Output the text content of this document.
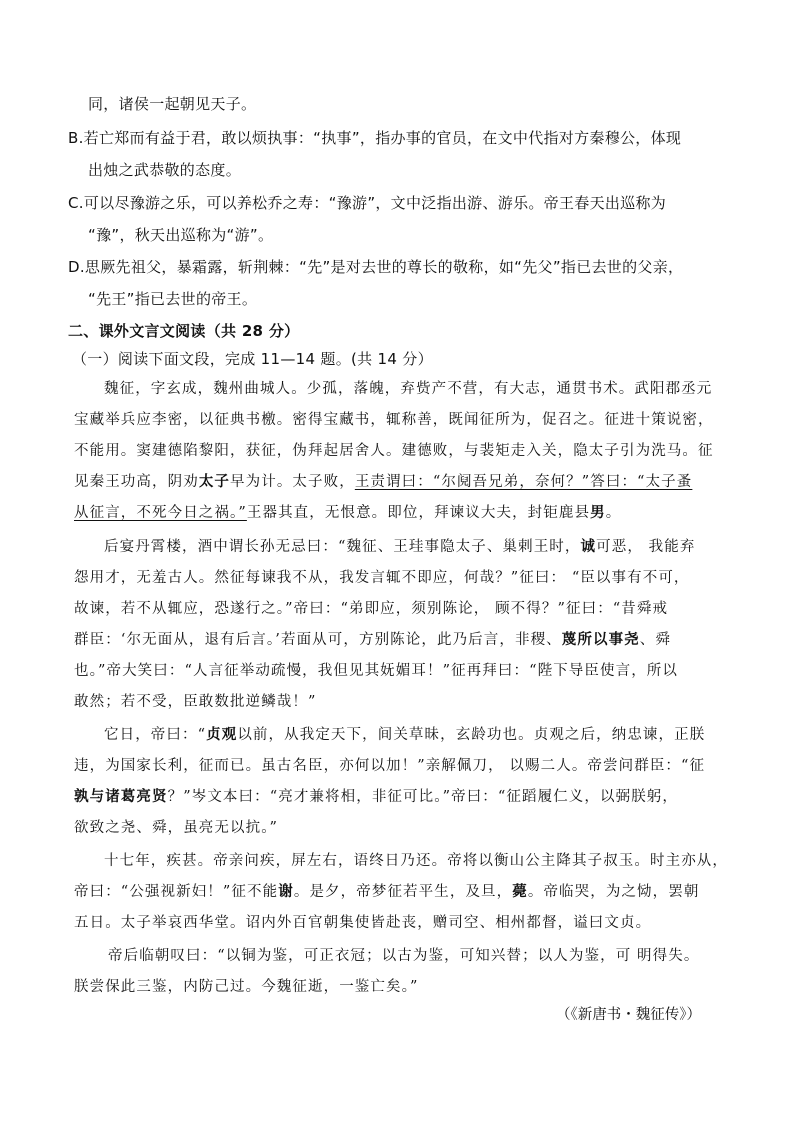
同，诸侯一起朝见天子。
B.若亡郑而有益于君，敢以烦执事：“执事”，指办事的官员，在文中代指对方秦穆公，体现
出烛之武恭敬的态度。
C.可以尽豫游之乐，可以养松乔之寿：“豫游”，文中泛指出游、游乐。帝王春天出巡称为
“豫”，秋天出巡称为“游”。
D.思厥先祖父，暴霜露，斩荆棘：“先”是对去世的尊长的敬称，如“先父”指已去世的父亲，
“先王”指已去世的帝王。
二、课外文言文阅读（共 28 分）
（一）阅读下面文段，完成 11—14 题。(共 14 分）
魏征，字玄成，魏州曲城人。少孤，落魄，弃赀产不营，有大志，通贯书术。武阳郡丞元
宝藏举兵应李密，以征典书檄。密得宝藏书，辄称善，既闻征所为，促召之。征进十策说密，
不能用。窦建德陷黎阳，获征，伪拜起居舍人。建德败，与裴矩走入关，隐太子引为洗马。征
见秦王功高，阴劝太子早为计。太子败，王责谓曰：“尔阋吾兄弟，奈何？”答曰：“太子蚤
从征言，不死今日之祸。”王器其直，无恨意。即位，拜谏议大夫，封钜鹿县男。
后宴丹霄楼，酒中谓长孙无忌曰：“魏征、王珪事隐太子、巢剌王时，诚可恶， 我能弃
怨用才，无羞古人。然征每谏我不从，我发言辄不即应，何哉？”征曰： “臣以事有不可，
故谏，若不从辄应，恐遂行之。”帝曰：“弟即应，须别陈论， 顾不得？”征曰：“昔舜戒
群臣：‘尔无面从，退有后言。’若面从可，方别陈论，此乃后言，非稷、蔑所以事尧、舜
也。”帝大笑曰：“人言征举动疏慢，我但见其妩媚耳！”征再拜曰：“陛下导臣使言，所以
敢然；若不受，臣敢数批逆鳞哉！”
它日，帝曰：“贞观以前，从我定天下，间关草昧，玄龄功也。贞观之后，纳忠谏，正朕
违，为国家长利，征而已。虽古名臣，亦何以加！”亲解佩刀， 以赐二人。帝尝问群臣：“征
孰与诸葛亮贤？”岑文本曰：“亮才兼将相，非征可比。”帝曰：“征蹈履仁义，以弼朕躬，
欲致之尧、舜，虽亮无以抗。”
十七年，疾甚。帝亲问疾，屏左右，语终日乃还。帝将以衡山公主降其子叔玉。时主亦从，
帝曰：“公强视新妇！”征不能谢。是夕，帝梦征若平生，及旦，薨。帝临哭，为之恸，罢朝
五日。太子举哀西华堂。诏内外百官朝集使皆赴丧，赠司空、相州都督，谥曰文贞。
帝后临朝叹曰：“以铜为鉴，可正衣冠；以古为鉴，可知兴替；以人为鉴，可 明得失。
朕尝保此三鉴，内防己过。今魏征逝，一鉴亡矣。”
（《新唐书・魏征传》）
